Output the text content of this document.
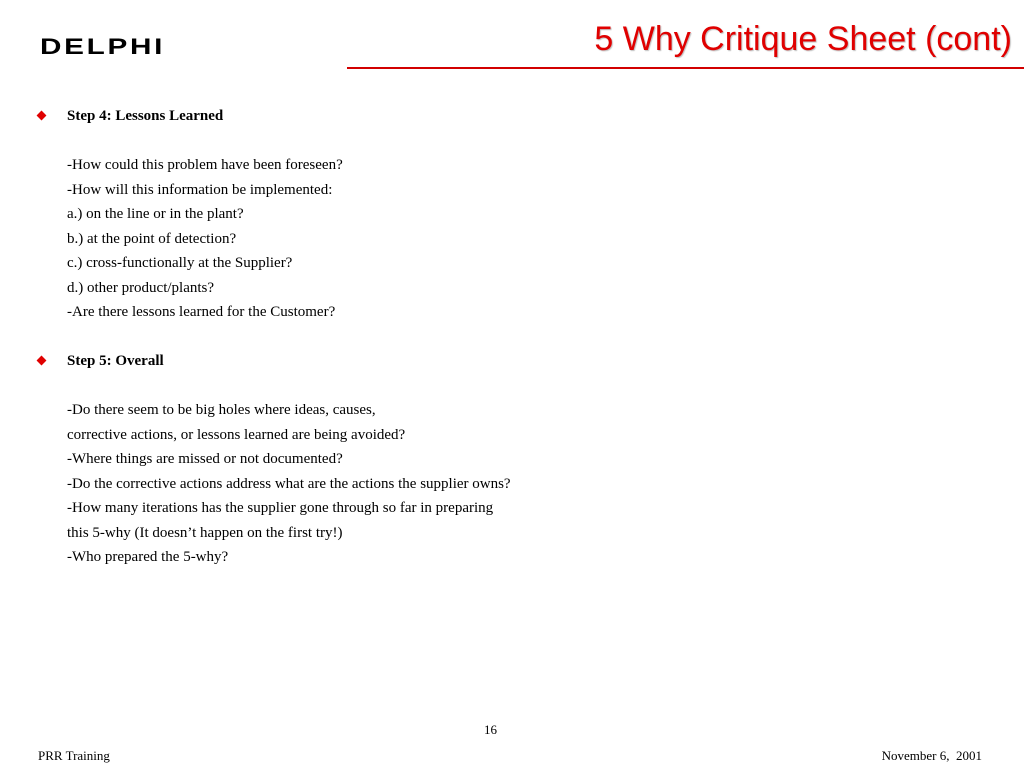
DELPHI	5 Why Critique Sheet (cont)
Step 4: Lessons Learned
-How could this problem have been foreseen?
-How will this information be implemented:
a.) on the line or in the plant?
b.) at the point of detection?
c.) cross-functionally at the Supplier?
d.) other product/plants?
-Are there lessons learned for the Customer?
Step 5: Overall
-Do there seem to be big holes where ideas, causes,
corrective actions, or lessons learned are being avoided?
-Where things are missed or not documented?
-Do the corrective actions address what are the actions the supplier owns?
-How many iterations has the supplier gone through so far in preparing
this 5-why (It doesn’t happen on the first try!)
-Who prepared the 5-why?
16
PRR Training	November 6,  2001
